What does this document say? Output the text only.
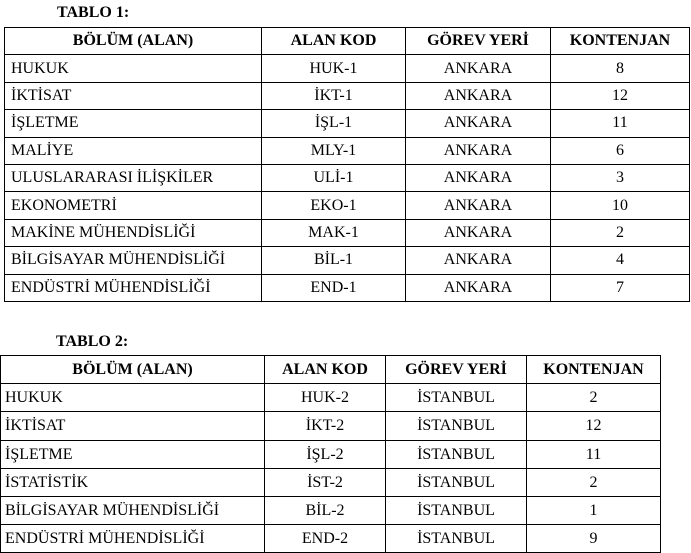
TABLO 1:
BÖLÜM (ALAN)	ALAN KOD	GÖREV YERİ	KONTENJAN
HUKUK	HUK-1	ANKARA	8
İKTİSAT	İKT-1	ANKARA	12
İŞLETME	İŞL-1	ANKARA	11
MALİYE	MLY-1	ANKARA	6
ULUSLARARASI İLİŞKİLER	ULİ-1	ANKARA	3
EKONOMETRİ	EKO-1	ANKARA	10
MAKİNE MÜHENDİSLİĞİ	MAK-1	ANKARA	2
BİLGİSAYAR MÜHENDİSLİĞİ	BİL-1	ANKARA	4
ENDÜSTRİ MÜHENDİSLİĞİ	END-1	ANKARA	7
TABLO 2:
BÖLÜM (ALAN)	ALAN KOD	GÖREV YERİ	KONTENJAN
HUKUK	HUK-2	İSTANBUL	2
İKTİSAT	İKT-2	İSTANBUL	12
İŞLETME	İŞL-2	İSTANBUL	11
İSTATİSTİK	İST-2	İSTANBUL	2
BİLGİSAYAR MÜHENDİSLİĞİ	BİL-2	İSTANBUL	1
ENDÜSTRİ MÜHENDİSLİĞİ	END-2	İSTANBUL	9
